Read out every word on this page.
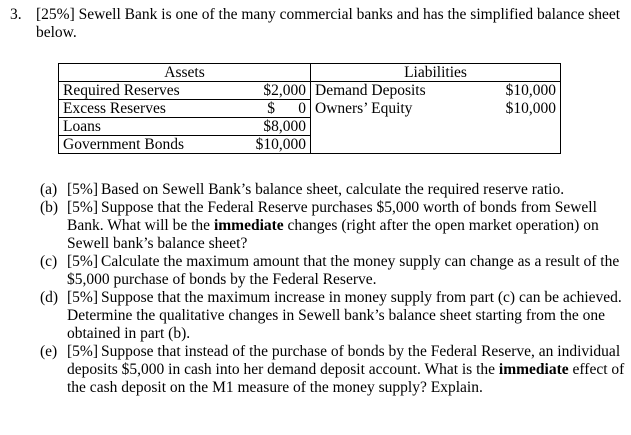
3. [25%] Sewell Bank is one of the many commercial banks and has the simplified balance sheet below.
Assets		Liabilities	
Required Reserves	$2,000	Demand Deposits	$10,000
Excess Reserves	$      0	Owners’ Equity	$10,000
Loans	$8,000		
Government Bonds	$10,000		
(a) [5%] Based on Sewell Bank’s balance sheet, calculate the required reserve ratio.
(b) [5%] Suppose that the Federal Reserve purchases $5,000 worth of bonds from Sewell Bank. What will be the immediate changes (right after the open market operation) on Sewell bank’s balance sheet?
(c) [5%] Calculate the maximum amount that the money supply can change as a result of the $5,000 purchase of bonds by the Federal Reserve.
(d) [5%] Suppose that the maximum increase in money supply from part (c) can be achieved. Determine the qualitative changes in Sewell bank’s balance sheet starting from the one obtained in part (b).
(e) [5%] Suppose that instead of the purchase of bonds by the Federal Reserve, an individual deposits $5,000 in cash into her demand deposit account. What is the immediate effect of the cash deposit on the M1 measure of the money supply? Explain.
